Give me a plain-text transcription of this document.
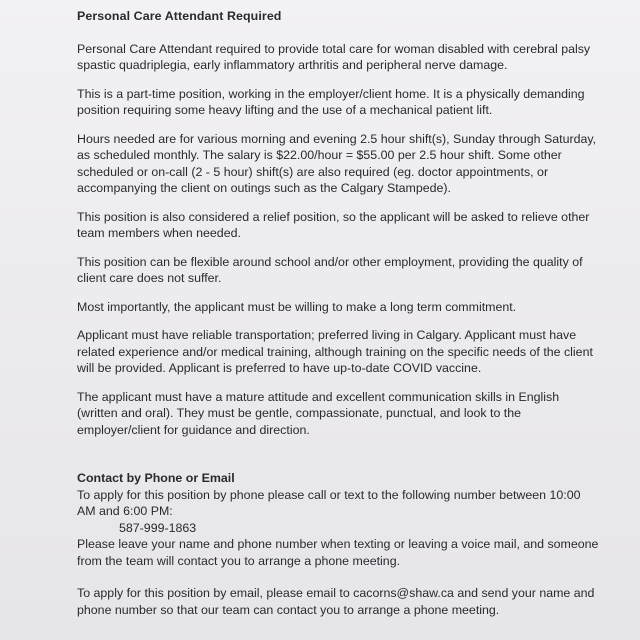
Personal Care Attendant Required
Personal Care Attendant required to provide total care for woman disabled with cerebral palsy spastic quadriplegia, early inflammatory arthritis and peripheral nerve damage.
This is a part-time position, working in the employer/client home. It is a physically demanding position requiring some heavy lifting and the use of a mechanical patient lift.
Hours needed are for various morning and evening 2.5 hour shift(s), Sunday through Saturday, as scheduled monthly. The salary is $22.00/hour = $55.00 per 2.5 hour shift. Some other scheduled or on-call (2 - 5 hour) shift(s) are also required (eg. doctor appointments, or accompanying the client on outings such as the Calgary Stampede).
This position is also considered a relief position, so the applicant will be asked to relieve other team members when needed.
This position can be flexible around school and/or other employment, providing the quality of client care does not suffer.
Most importantly, the applicant must be willing to make a long term commitment.
Applicant must have reliable transportation; preferred living in Calgary. Applicant must have related experience and/or medical training, although training on the specific needs of the client will be provided. Applicant is preferred to have up-to-date COVID vaccine.
The applicant must have a mature attitude and excellent communication skills in English (written and oral). They must be gentle, compassionate, punctual, and look to the employer/client for guidance and direction.
Contact by Phone or Email
To apply for this position by phone please call or text to the following number between 10:00 AM and 6:00 PM:
587-999-1863
Please leave your name and phone number when texting or leaving a voice mail, and someone from the team will contact you to arrange a phone meeting.
To apply for this position by email, please email to cacorns@shaw.ca and send your name and phone number so that our team can contact you to arrange a phone meeting.
